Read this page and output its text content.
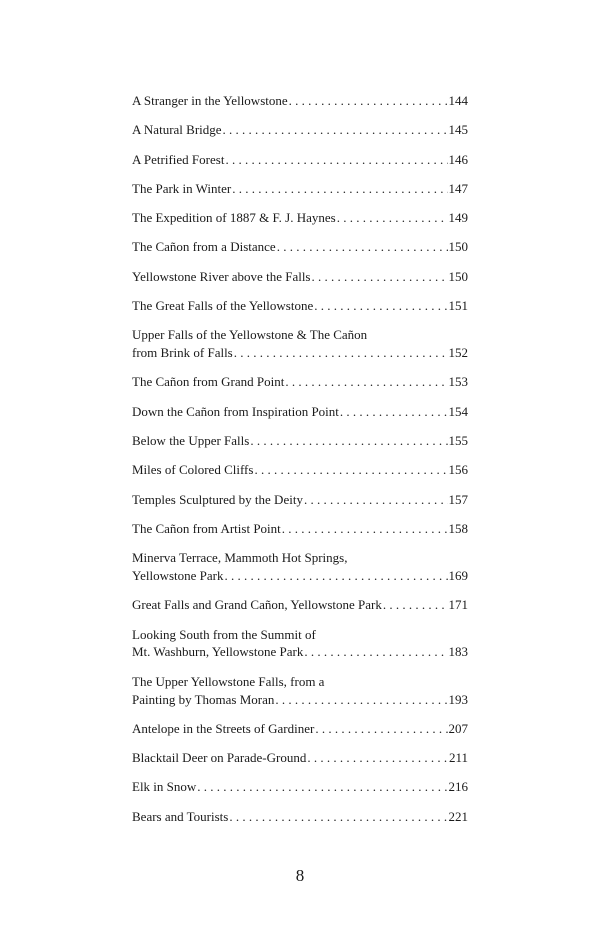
A Stranger in the Yellowstone . . .	144
A Natural Bridge . . .	145
A Petrified Forest . . .	146
The Park in Winter . . .	147
The Expedition of 1887 & F. J. Haynes . . .	149
The Cañon from a Distance . . .	150
Yellowstone River above the Falls . . .	150
The Great Falls of the Yellowstone . . .	151
Upper Falls of the Yellowstone & The Cañon
from Brink of Falls . . .	152
The Cañon from Grand Point . . .	153
Down the Cañon from Inspiration Point . . .	154
Below the Upper Falls . . .	155
Miles of Colored Cliffs . . .	156
Temples Sculptured by the Deity . . .	157
The Cañon from Artist Point . . .	158
Minerva Terrace, Mammoth Hot Springs,
Yellowstone Park . . .	169
Great Falls and Grand Cañon, Yellowstone Park . . .	171
Looking South from the Summit of
Mt. Washburn, Yellowstone Park . . .	183
The Upper Yellowstone Falls, from a
Painting by Thomas Moran . . .	193
Antelope in the Streets of Gardiner . . .	207
Blacktail Deer on Parade-Ground . . .	211
Elk in Snow . . .	216
Bears and Tourists . . .	221
8
